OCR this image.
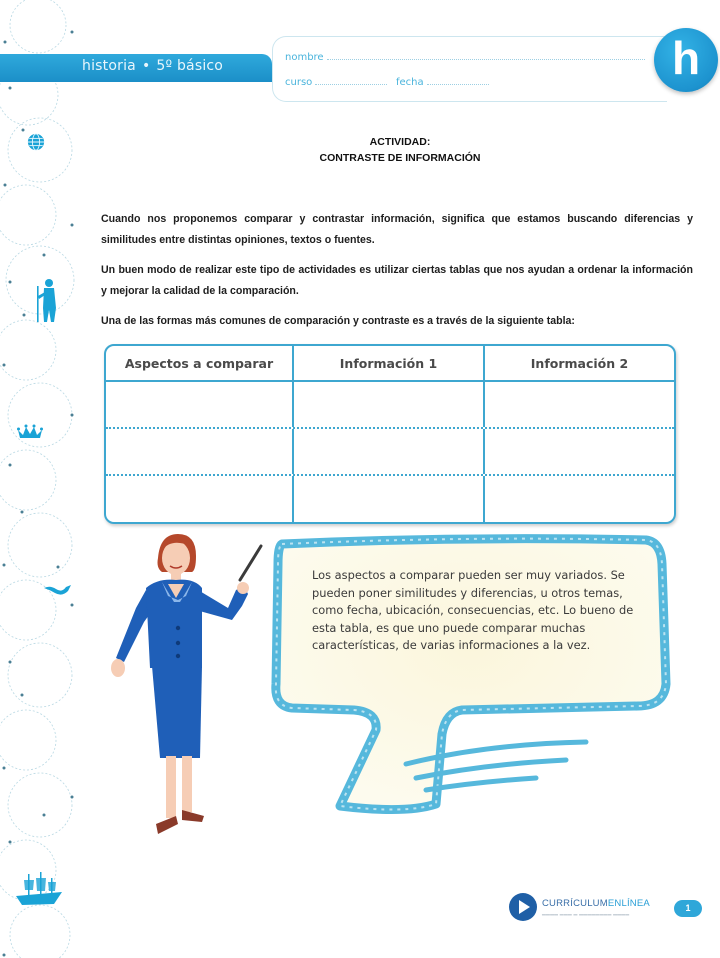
historia • 5º básico
nombre
curso	fecha	h
ACTIVIDAD:
CONTRASTE DE INFORMACIÓN

Cuando nos proponemos comparar y contrastar información, significa que estamos buscando diferencias y similitudes entre distintas opiniones, textos o fuentes.

Un buen modo de realizar este tipo de actividades es utilizar ciertas tablas que nos ayudan a ordenar la información y mejorar la calidad de la comparación.

Una de las formas más comunes de comparación y contraste es a través de la siguiente tabla:

Aspectos a comparar	Información 1	Información 2

Los aspectos a comparar pueden ser muy variados. Se pueden poner similitudes y diferencias, u otros temas, como fecha, ubicación, consecuencias, etc. Lo bueno de esta tabla, es que uno puede comparar muchas características, de varias informaciones a la vez.

CURRÍCULUMENLÍNEA
▁▁▁▁ ▁▁▁ ▁ ▁▁▁▁▁▁▁▁ ▁▁▁▁	1
